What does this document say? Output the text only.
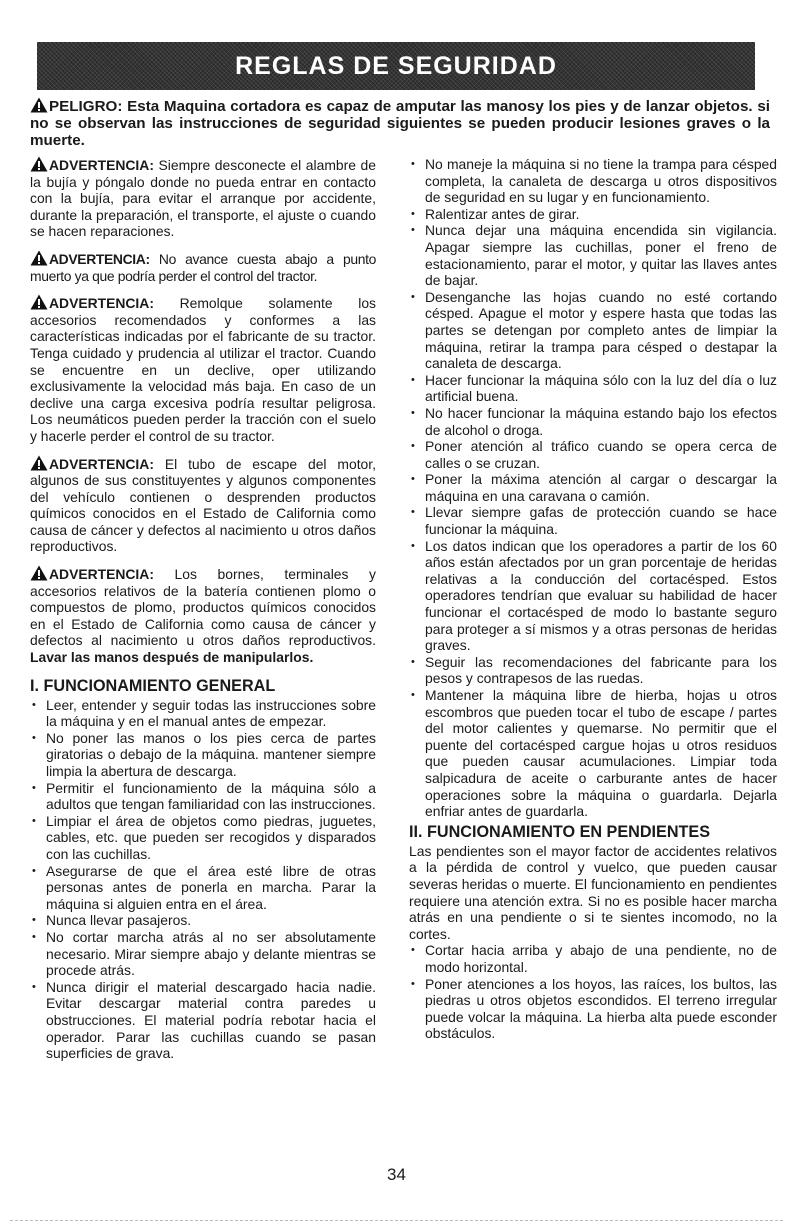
REGLAS DE SEGURIDAD
PELIGRO: Esta Maquina cortadora es capaz de amputar las manosy los pies y de lanzar objetos. si no se observan las instrucciones de seguridad siguientes se pueden producir lesiones graves o la muerte.

ADVERTENCIA: Siempre desconecte el alambre de la bujía y póngalo donde no pueda entrar en contacto con la bujía, para evitar el arranque por accidente, durante la preparación, el transporte, el ajuste o cuando se hacen reparaciones.

ADVERTENCIA: No avance cuesta abajo a punto muerto ya que podría perder el control del tractor.

ADVERTENCIA: Remolque solamente los accesorios recomendados y conformes a las características indicadas por el fabricante de su tractor. Tenga cuidado y prudencia al utilizar el tractor. Cuando se encuentre en un declive, oper utilizando exclusivamente la velocidad más baja. En caso de un declive una carga excesiva podría resultar peligrosa. Los neumáticos pueden perder la tracción con el suelo y hacerle perder el control de su tractor.

ADVERTENCIA: El tubo de escape del motor, algunos de sus constituyentes y algunos componentes del vehículo contienen o desprenden productos químicos conocidos en el Estado de California como causa de cáncer y defectos al nacimiento u otros daños reproductivos.

ADVERTENCIA: Los bornes, terminales y accesorios relativos de la batería contienen plomo o compuestos de plomo, productos químicos conocidos en el Estado de California como causa de cáncer y defectos al nacimiento u otros daños reproductivos. Lavar las manos después de manipularlos.

I. FUNCIONAMIENTO GENERAL
• Leer, entender y seguir todas las instrucciones sobre la máquina y en el manual antes de empezar.
• No poner las manos o los pies cerca de partes giratorias o debajo de la máquina. mantener siempre limpia la abertura de descarga.
• Permitir el funcionamiento de la máquina sólo a adultos que tengan familiaridad con las instrucciones.
• Limpiar el área de objetos como piedras, juguetes, cables, etc. que pueden ser recogidos y disparados con las cuchillas.
• Asegurarse de que el área esté libre de otras personas antes de ponerla en marcha. Parar la máquina si alguien entra en el área.
• Nunca llevar pasajeros.
• No cortar marcha atrás al no ser absolutamente necesario. Mirar siempre abajo y delante mientras se procede atrás.
• Nunca dirigir el material descargado hacia nadie. Evitar descargar material contra paredes u obstrucciones. El material podría rebotar hacia el operador. Parar las cuchillas cuando se pasan superficies de grava.
• No maneje la máquina si no tiene la trampa para césped completa, la canaleta de descarga u otros dispositivos de seguridad en su lugar y en funcionamiento.
• Ralentizar antes de girar.
• Nunca dejar una máquina encendida sin vigilancia. Apagar siempre las cuchillas, poner el freno de estacionamiento, parar el motor, y quitar las llaves antes de bajar.
• Desenganche las hojas cuando no esté cortando césped. Apague el motor y espere hasta que todas las partes se detengan por completo antes de limpiar la máquina, retirar la trampa para césped o destapar la canaleta de descarga.
• Hacer funcionar la máquina sólo con la luz del día o luz artificial buena.
• No hacer funcionar la máquina estando bajo los efectos de alcohol o droga.
• Poner atención al tráfico cuando se opera cerca de calles o se cruzan.
• Poner la máxima atención al cargar o descargar la máquina en una caravana o camión.
• Llevar siempre gafas de protección cuando se hace funcionar la máquina.
• Los datos indican que los operadores a partir de los 60 años están afectados por un gran porcentaje de heridas relativas a la conducción del cortacésped. Estos operadores tendrían que evaluar su habilidad de hacer funcionar el cortacésped de modo lo bastante seguro para proteger a sí mismos y a otras personas de heridas graves.
• Seguir las recomendaciones del fabricante para los pesos y contrapesos de las ruedas.
• Mantener la máquina libre de hierba, hojas u otros escombros que pueden tocar el tubo de escape / partes del motor calientes y quemarse. No permitir que el puente del cortacésped cargue hojas u otros residuos que pueden causar acumulaciones. Limpiar toda salpicadura de aceite o carburante antes de hacer operaciones sobre la máquina o guardarla. Dejarla enfriar antes de guardarla.
II. FUNCIONAMIENTO EN PENDIENTES

Las pendientes son el mayor factor de accidentes relativos a la pérdida de control y vuelco, que pueden causar severas heridas o muerte. El funcionamiento en pendientes requiere una atención extra. Si no es posible hacer marcha atrás en una pendiente o si te sientes incomodo, no la cortes.

• Cortar hacia arriba y abajo de una pendiente, no de modo horizontal.
• Poner atenciones a los hoyos, las raíces, los bultos, las piedras u otros objetos escondidos. El terreno irregular puede volcar la máquina. La hierba alta puede esconder obstáculos.
34
